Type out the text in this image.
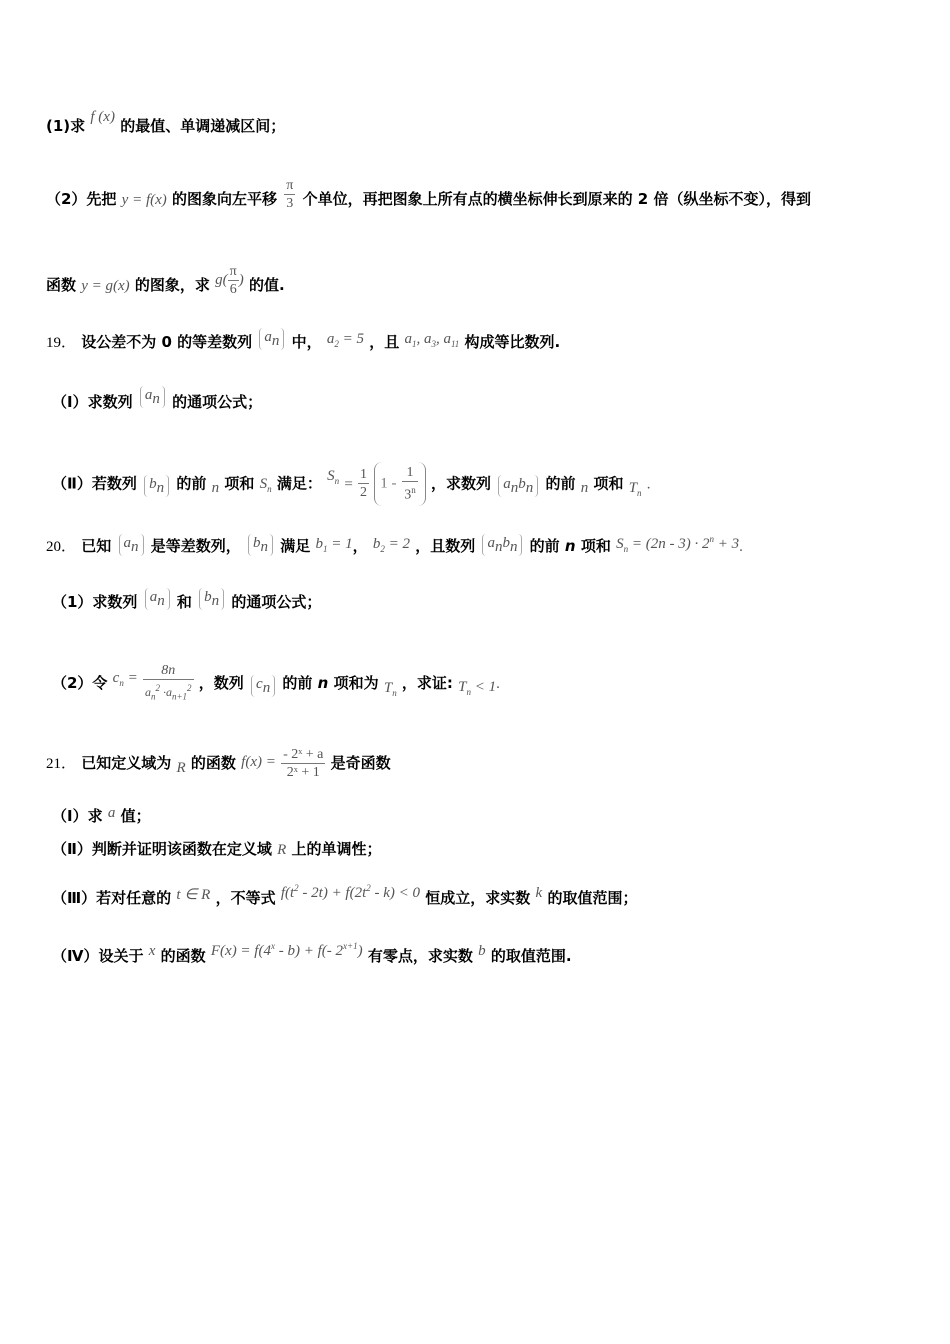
(1)求 f (x) 的最值、单调递减区间；
（2）先把 y = f(x) 的图象向左平移 $\frac{\pi}{3}$ 个单位，再把图象上所有点的横坐标伸长到原来的 2 倍（纵坐标不变），得到
函数 y = g(x) 的图象，求 $g( \frac{\pi}{6}$ ) 的值.
19． 设公差不为 0 的等差数列 $a_n$ 中， $a_2 = 5$ ，且 $a_1$, $a_3$, $a_{11}$ 构成等比数列.
（Ⅰ）求数列 $a_n$ 的通项公式；
（Ⅱ）若数列 $b_n$ 的前 n 项和 $S_n$ 满足： $S_n = \frac{1}{2} 1 - \frac{1}{3^n}$ ，求数列 $a_nb_n$ 的前 n 项和 $T_n$ .
20． 已知 $a_n$ 是等差数列， $b_n$ 满足 $b_1 = 1$， $b_2 = 2$ ，且数列 $a_nb_n$ 的前 n 项和 $S_n = (2n - 3) \cdot 2^n + 3$.
（1）求数列 $a_n$ 和 $b_n$ 的通项公式；
（2）令 $c_n = \frac{8n}{a_n^2 \cdot a_{n+1}^2}$ ，数列 $c_n$ 的前 n 项和为 $T_n$ ，求证: $T_n < 1$.
21． 已知定义域为 R 的函数 $f(x) = \frac{\text{- 2ˣ + a}}{\text{2ˣ + 1}}$ 是奇函数
（Ⅰ）求 a 值；
（Ⅱ）判断并证明该函数在定义域 R 上的单调性；
（Ⅲ）若对任意的 t ∈ R ，不等式 $f(t^2 - 2t) + f(2t^2 - k) < 0$ 恒成立，求实数 k 的取值范围；
（Ⅳ）设关于 x 的函数 $F(x) = f(4^x - b) + f(-$ $2^{x+1}$) 有零点，求实数 b 的取值范围.
